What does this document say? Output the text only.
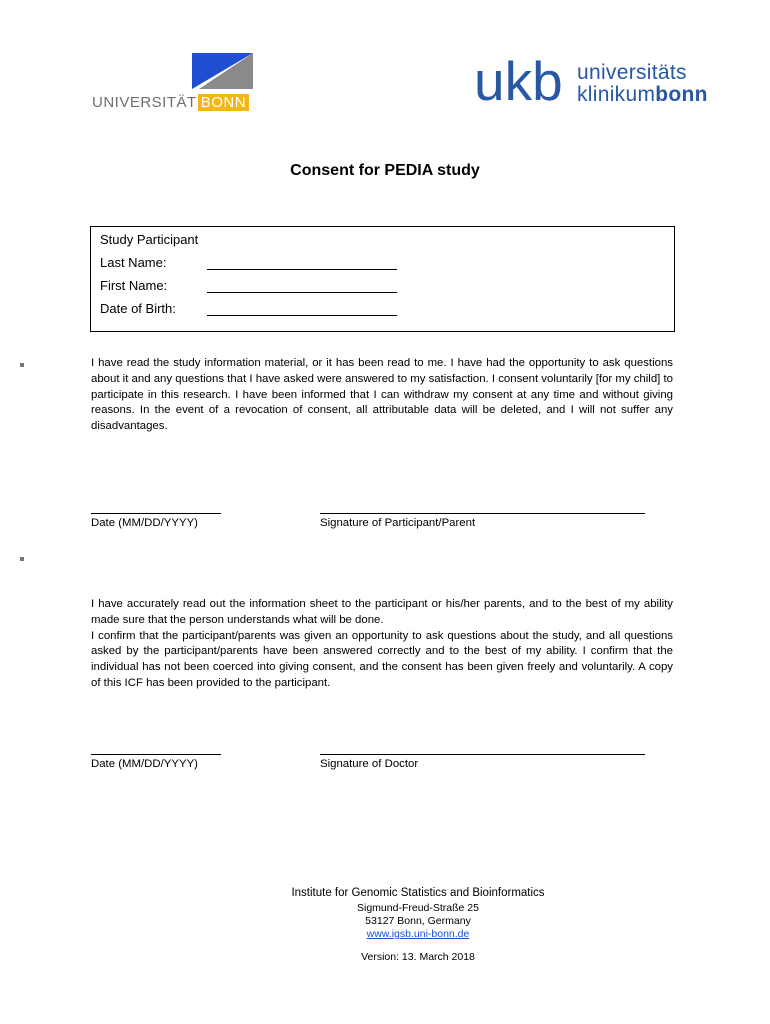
UNIVERSITÄT BONN	ukb universitäts
klinikumbonn
Consent for PEDIA study
Study Participant
Last Name:
First Name:
Date of Birth:

I have read the study information material, or it has been read to me. I have had the opportunity to ask questions about it and any questions that I have asked were answered to my satisfaction. I consent voluntarily [for my child] to participate in this research. I have been informed that I can withdraw my consent at any time and without giving reasons. In the event of a revocation of consent, all attributable data will be deleted, and I will not suffer any disadvantages.

Date (MM/DD/YYYY)	Signature of Participant/Parent

I have accurately read out the information sheet to the participant or his/her parents, and to the best of my ability made sure that the person understands what will be done.

I confirm that the participant/parents was given an opportunity to ask questions about the study, and all questions asked by the participant/parents have been answered correctly and to the best of my ability. I confirm that the individual has not been coerced into giving consent, and the consent has been given freely and voluntarily. A copy of this ICF has been provided to the participant.

Date (MM/DD/YYYY)	Signature of Doctor
Institute for Genomic Statistics and Bioinformatics
Sigmund-Freud-Straße 25
53127 Bonn, Germany
www.igsb.uni-bonn.de
Version: 13. March 2018
